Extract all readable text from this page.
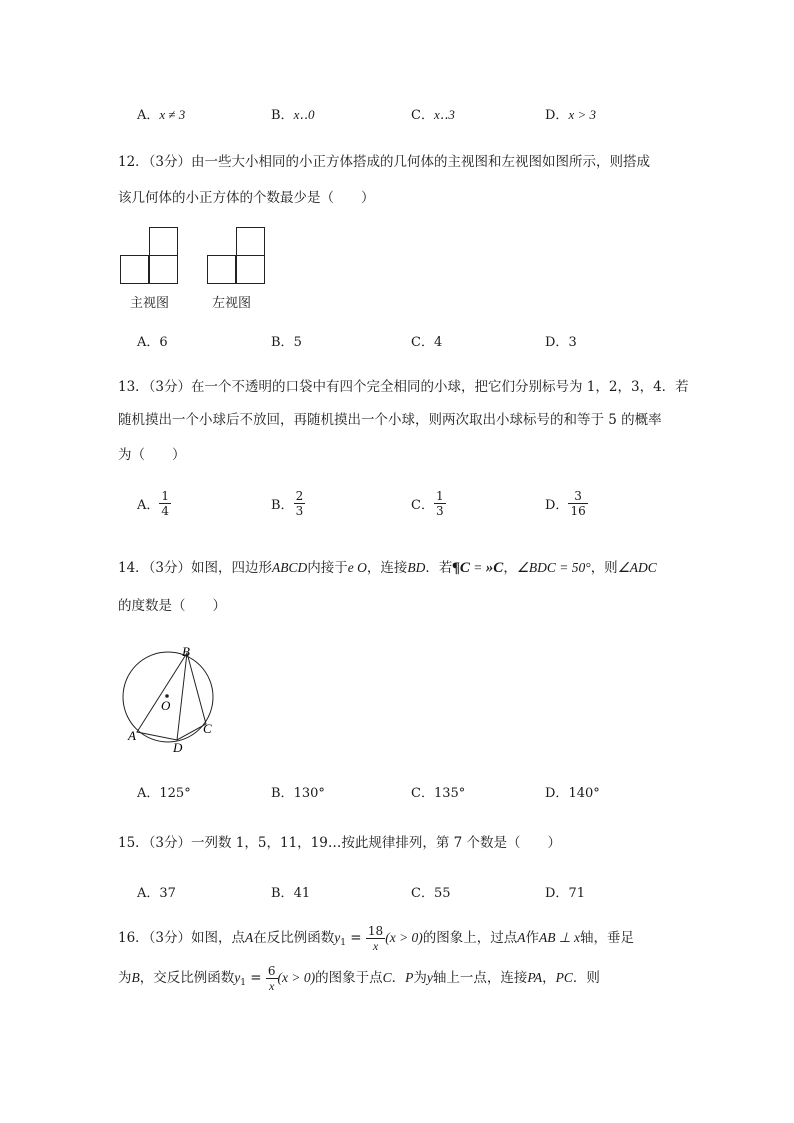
A．x ≠ 3	B．x‥0	C．x‥3	D．x > 3
12．（3分）由一些大小相同的小正方体搭成的几何体的主视图和左视图如图所示，则搭成
该几何体的小正方体的个数最少是（　　）
主视图	左视图
A．6	B．5	C．4	D．3
13．（3分）在一个不透明的口袋中有四个完全相同的小球，把它们分别标号为 1，2，3，4．若
随机摸出一个小球后不放回，再随机摸出一个小球，则两次取出小球标号的和等于 5 的概率
为（　　）
A． $\frac{1}{4}$	B． $\frac{2}{3}$	C． $\frac{1}{3}$	D． $\frac{3}{16}$
14．（3分）如图，四边形ABCD内接于e O，连接BD．若¶C = »C，∠BDC = 50°，则∠ADC
的度数是（　　）
B
O
A
D
C
A．125°	B．130°	C．135°	D．140°
15．（3分）一列数 1，5，11，19…按此规律排列，第 7 个数是（　　）
A．37	B．41	C．55	D．71
16．（3分）如图，点A在反比例函数$y_1 = \frac{18}{x} (x > 0)$的图象上，过点A作AB ⊥ x轴，垂足
为B，交反比例函数$y_1 = \frac{6}{x} (x > 0)$的图象于点C．P为y轴上一点，连接PA，PC．则
